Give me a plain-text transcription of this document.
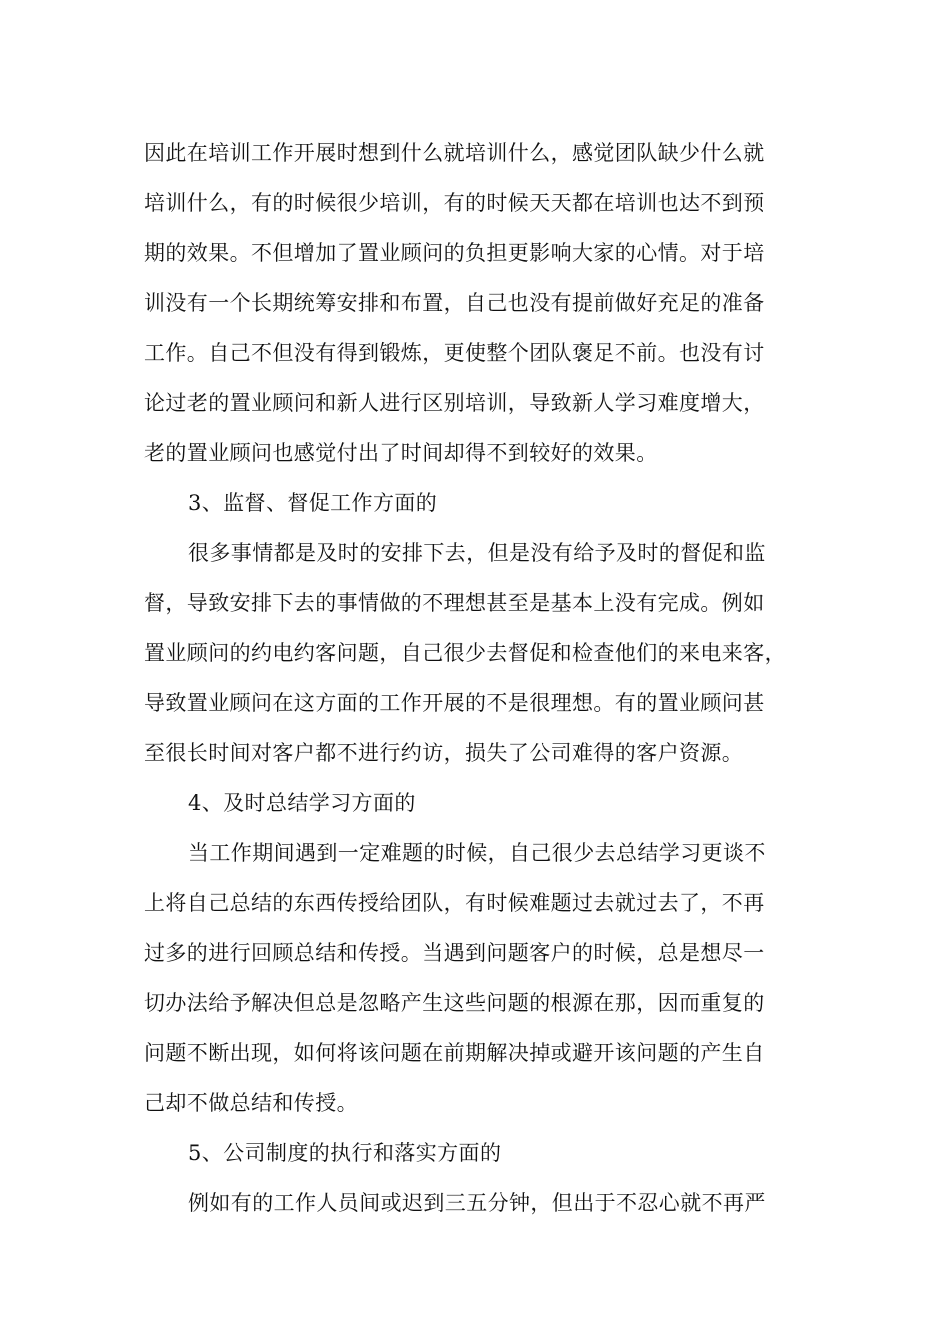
因此在培训工作开展时想到什么就培训什么，感觉团队缺少什么就
培训什么，有的时候很少培训，有的时候天天都在培训也达不到预
期的效果。不但增加了置业顾问的负担更影响大家的心情。对于培
训没有一个长期统筹安排和布置，自己也没有提前做好充足的准备
工作。自己不但没有得到锻炼，更使整个团队褒足不前。也没有讨
论过老的置业顾问和新人进行区别培训，导致新人学习难度增大，
老的置业顾问也感觉付出了时间却得不到较好的效果。
3、监督、督促工作方面的
很多事情都是及时的安排下去，但是没有给予及时的督促和监
督，导致安排下去的事情做的不理想甚至是基本上没有完成。例如
置业顾问的约电约客问题，自己很少去督促和检查他们的来电来客，
导致置业顾问在这方面的工作开展的不是很理想。有的置业顾问甚
至很长时间对客户都不进行约访，损失了公司难得的客户资源。
4、及时总结学习方面的
当工作期间遇到一定难题的时候，自己很少去总结学习更谈不
上将自己总结的东西传授给团队，有时候难题过去就过去了，不再
过多的进行回顾总结和传授。当遇到问题客户的时候，总是想尽一
切办法给予解决但总是忽略产生这些问题的根源在那，因而重复的
问题不断出现，如何将该问题在前期解决掉或避开该问题的产生自
己却不做总结和传授。
5、公司制度的执行和落实方面的
例如有的工作人员间或迟到三五分钟，但出于不忍心就不再严
